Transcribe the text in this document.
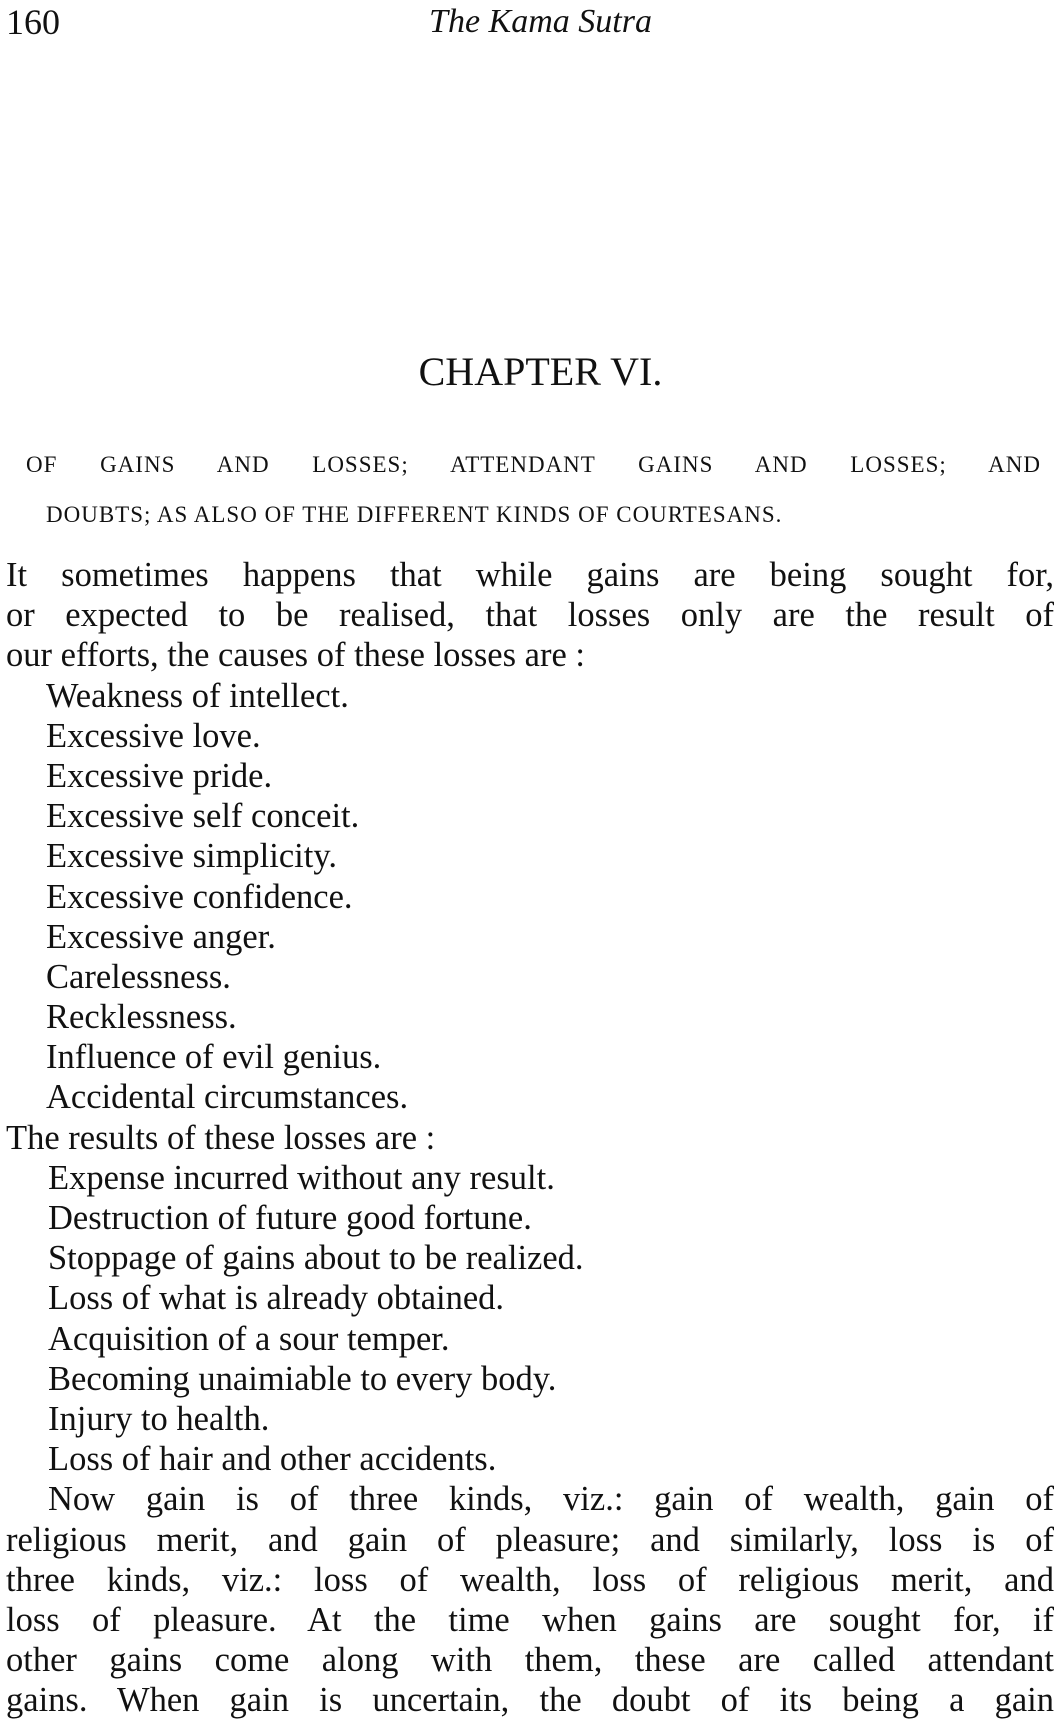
160	The Kama Sutra
CHAPTER VI.
OF GAINS AND LOSSES; ATTENDANT GAINS AND LOSSES; AND
DOUBTS; AS ALSO OF THE DIFFERENT KINDS OF COURTESANS.
It sometimes happens that while gains are being sought for,
or expected to be realised, that losses only are the result of
our efforts, the causes of these losses are :
Weakness of intellect.
Excessive love.
Excessive pride.
Excessive self conceit.
Excessive simplicity.
Excessive confidence.
Excessive anger.
Carelessness.
Recklessness.
Influence of evil genius.
Accidental circumstances.
The results of these losses are :
Expense incurred without any result.
Destruction of future good fortune.
Stoppage of gains about to be realized.
Loss of what is already obtained.
Acquisition of a sour temper.
Becoming unaimiable to every body.
Injury to health.
Loss of hair and other accidents.
Now gain is of three kinds, viz.: gain of wealth, gain of
religious merit, and gain of pleasure; and similarly, loss is of
three kinds, viz.: loss of wealth, loss of religious merit, and
loss of pleasure. At the time when gains are sought for, if
other gains come along with them, these are called attendant
gains. When gain is uncertain, the doubt of its being a gain
